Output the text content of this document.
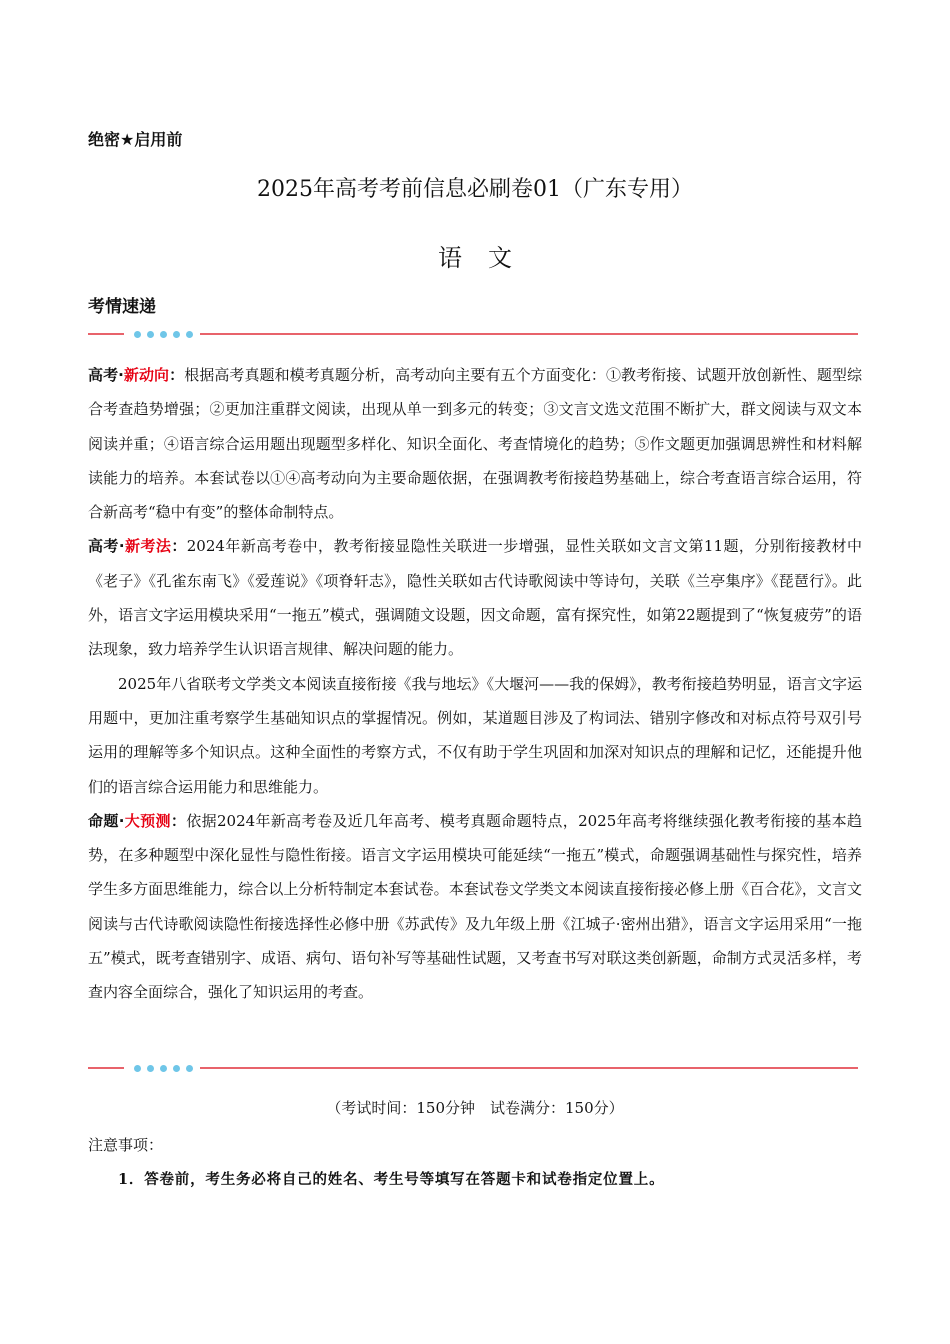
绝密★启用前
2025年高考考前信息必刷卷01（广东专用）
语文
考情速递

高考·新动向：根据高考真题和模考真题分析，高考动向主要有五个方面变化：①教考衔接、试题开放创新性、题型综合考查趋势增强；②更加注重群文阅读，出现从单一到多元的转变；③文言文选文范围不断扩大，群文阅读与双文本阅读并重；④语言综合运用题出现题型多样化、知识全面化、考查情境化的趋势；⑤作文题更加强调思辨性和材料解读能力的培养。本套试卷以①④高考动向为主要命题依据，在强调教考衔接趋势基础上，综合考查语言综合运用，符合新高考“稳中有变”的整体命制特点。

高考·新考法：2024年新高考卷中，教考衔接显隐性关联进一步增强，显性关联如文言文第11题，分别衔接教材中《老子》《孔雀东南飞》《爱莲说》《项脊轩志》，隐性关联如古代诗歌阅读中等诗句，关联《兰亭集序》《琵琶行》。此外，语言文字运用模块采用“一拖五”模式，强调随文设题，因文命题，富有探究性，如第22题提到了“恢复疲劳”的语法现象，致力培养学生认识语言规律、解决问题的能力。

2025年八省联考文学类文本阅读直接衔接《我与地坛》《大堰河——我的保姆》，教考衔接趋势明显，语言文字运用题中，更加注重考察学生基础知识点的掌握情况。例如，某道题目涉及了构词法、错别字修改和对标点符号双引号运用的理解等多个知识点。这种全面性的考察方式，不仅有助于学生巩固和加深对知识点的理解和记忆，还能提升他们的语言综合运用能力和思维能力。

命题·大预测：依据2024年新高考卷及近几年高考、模考真题命题特点，2025年高考将继续强化教考衔接的基本趋势，在多种题型中深化显性与隐性衔接。语言文字运用模块可能延续“一拖五”模式，命题强调基础性与探究性，培养学生多方面思维能力，综合以上分析特制定本套试卷。本套试卷文学类文本阅读直接衔接必修上册《百合花》，文言文阅读与古代诗歌阅读隐性衔接选择性必修中册《苏武传》及九年级上册《江城子·密州出猎》，语言文字运用采用“一拖五”模式，既考查错别字、成语、病句、语句补写等基础性试题，又考查书写对联这类创新题，命制方式灵活多样，考查内容全面综合，强化了知识运用的考查。

（考试时间：150分钟　试卷满分：150分）
注意事项：
1．答卷前，考生务必将自己的姓名、考生号等填写在答题卡和试卷指定位置上。
